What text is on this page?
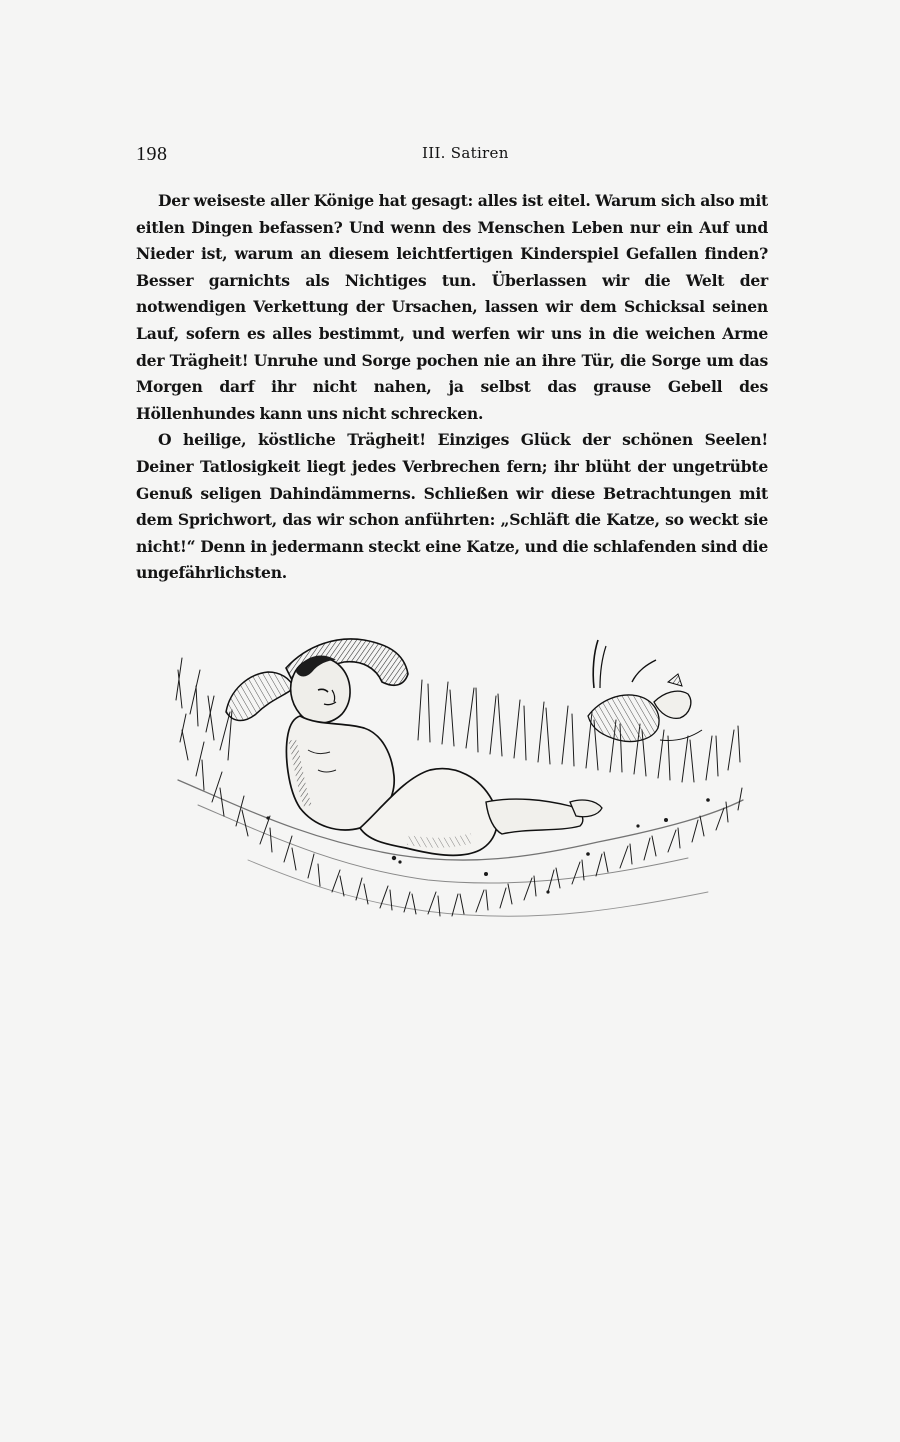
198	III. Satiren

Der weiseste aller Könige hat gesagt: alles ist eitel. Warum sich also mit eitlen Dingen befassen? Und wenn des Menschen Leben nur ein Auf und Nieder ist, warum an diesem leichtfertigen Kinderspiel Gefallen finden? Besser garnichts als Nichtiges tun. Überlassen wir die Welt der notwendigen Verkettung der Ursachen, lassen wir dem Schicksal seinen Lauf, sofern es alles bestimmt, und werfen wir uns in die weichen Arme der Trägheit! Unruhe und Sorge pochen nie an ihre Tür, die Sorge um das Morgen darf ihr nicht nahen, ja selbst das grause Gebell des Höllenhundes kann uns nicht schrecken.

O heilige, köstliche Trägheit! Einziges Glück der schönen Seelen! Deiner Tatlosigkeit liegt jedes Verbrechen fern; ihr blüht der ungetrübte Genuß seligen Dahindämmerns. Schließen wir diese Betrachtungen mit dem Sprichwort, das wir schon anführten: „Schläft die Katze, so weckt sie nicht!“ Denn in jedermann steckt eine Katze, und die schlafenden sind die ungefährlichsten.
